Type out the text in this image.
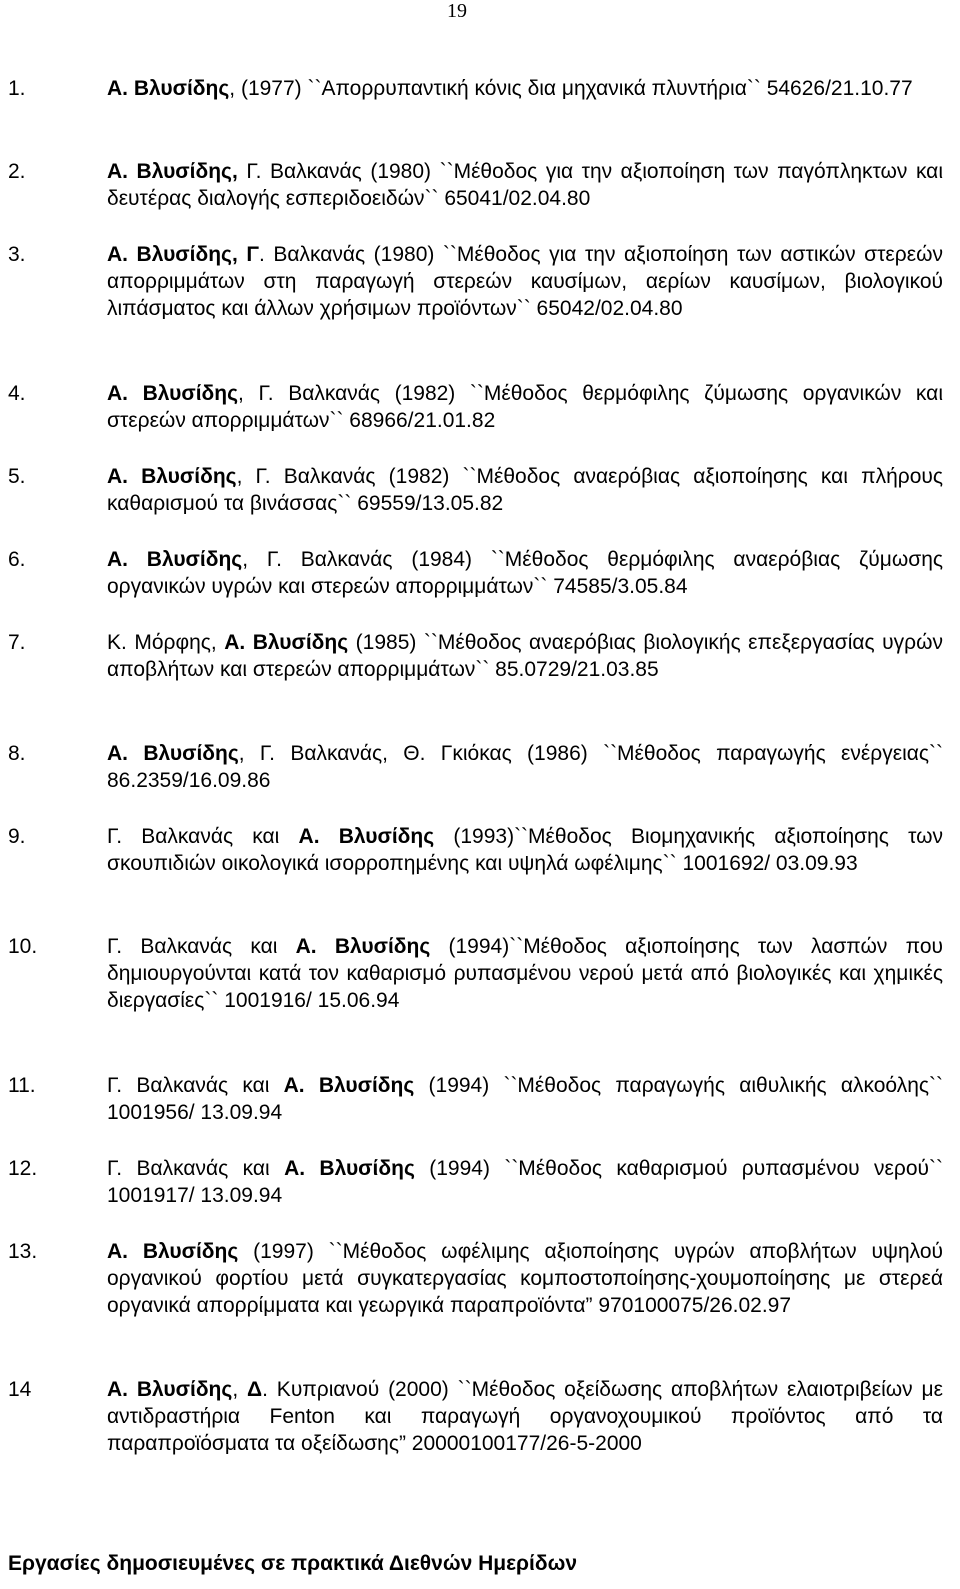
19
1.	Α. Βλυσίδης, (1977) ``Απορρυπαντική κόνις δια μηχανικά πλυντήρια`` 54626/21.10.77
2.	Α. Βλυσίδης, Γ. Βαλκανάς (1980) ``Μέθοδος για την αξιοποίηση των παγόπληκτων και δευτέρας διαλογής εσπεριδοειδών`` 65041/02.04.80
3.	Α. Βλυσίδης, Γ. Βαλκανάς (1980) ``Μέθοδος για την αξιοποίηση των αστικών στερεών απορριμμάτων στη παραγωγή στερεών καυσίμων, αερίων καυσίμων, βιολογικού λιπάσματος και άλλων χρήσιμων προϊόντων`` 65042/02.04.80
4.	Α. Βλυσίδης, Γ. Βαλκανάς (1982) ``Μέθοδος θερμόφιλης ζύμωσης οργανικών και στερεών απορριμμάτων`` 68966/21.01.82
5.	Α. Βλυσίδης, Γ. Βαλκανάς (1982) ``Μέθοδος αναερόβιας αξιοποίησης και πλήρους καθαρισμού τα βινάσσας`` 69559/13.05.82
6.	Α. Βλυσίδης, Γ. Βαλκανάς (1984) ``Μέθοδος θερμόφιλης αναερόβιας ζύμωσης οργανικών υγρών και στερεών απορριμμάτων`` 74585/3.05.84
7.	Κ. Μόρφης, Α. Βλυσίδης (1985) ``Μέθοδος αναερόβιας βιολογικής επεξεργασίας υγρών αποβλήτων και στερεών απορριμμάτων`` 85.0729/21.03.85
8.	Α. Βλυσίδης, Γ. Βαλκανάς, Θ. Γκιόκας (1986) ``Μέθοδος παραγωγής ενέργειας`` 86.2359/16.09.86
9.	Γ. Βαλκανάς και Α. Βλυσίδης (1993)``Μέθοδος Βιομηχανικής αξιοποίησης των σκουπιδιών οικολογικά ισορροπημένης και υψηλά ωφέλιμης`` 1001692/ 03.09.93
10.	Γ. Βαλκανάς και Α. Βλυσίδης (1994)``Μέθοδος αξιοποίησης των λασπών που δημιουργούνται κατά τον καθαρισμό ρυπασμένου νερού μετά από βιολογικές και χημικές διεργασίες`` 1001916/ 15.06.94
11.	Γ. Βαλκανάς και Α. Βλυσίδης (1994) ``Μέθοδος παραγωγής αιθυλικής αλκοόλης`` 1001956/ 13.09.94
12.	Γ. Βαλκανάς και Α. Βλυσίδης (1994) ``Μέθοδος καθαρισμού ρυπασμένου νερού`` 1001917/ 13.09.94
13.	Α. Βλυσίδης (1997) ``Μέθοδος ωφέλιμης αξιοποίησης υγρών αποβλήτων υψηλού οργανικού φορτίου μετά συγκατεργασίας κομποστοποίησης-χουμοποίησης με στερεά οργανικά απορρίμματα και γεωργικά παραπροϊόντα” 970100075/26.02.97
14	Α. Βλυσίδης, Δ. Κυπριανού (2000) ``Μέθοδος οξείδωσης αποβλήτων ελαιοτριβείων με αντιδραστήρια Fenton και παραγωγή οργανοχουμικού προϊόντος από τα παραπροϊόσματα τα οξείδωσης” 20000100177/26-5-2000
Εργασίες δημοσιευμένες σε πρακτικά Διεθνών Ημερίδων
